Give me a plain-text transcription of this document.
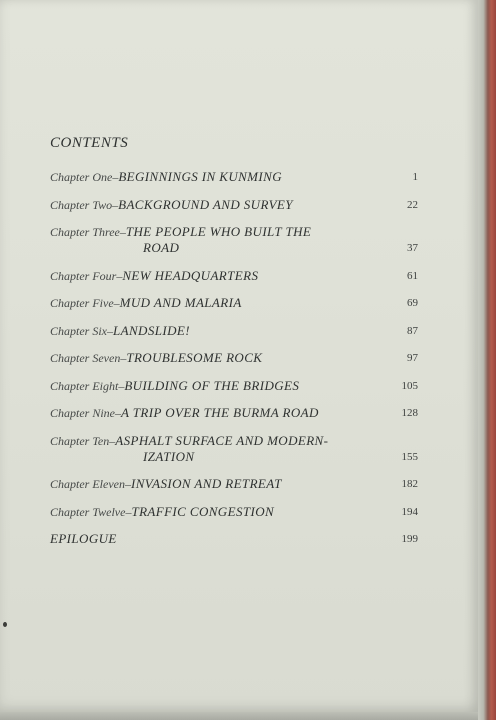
CONTENTS
Chapter One–BEGINNINGS IN KUNMING	1
Chapter Two–BACKGROUND AND SURVEY	22
Chapter Three–THE PEOPLE WHO BUILT THE
ROAD	37
Chapter Four–NEW HEADQUARTERS	61
Chapter Five–MUD AND MALARIA	69
Chapter Six–LANDSLIDE!	87
Chapter Seven–TROUBLESOME ROCK	97
Chapter Eight–BUILDING OF THE BRIDGES	105
Chapter Nine–A TRIP OVER THE BURMA ROAD	128
Chapter Ten–ASPHALT SURFACE AND MODERN-
IZATION	155
Chapter Eleven–INVASION AND RETREAT	182
Chapter Twelve–TRAFFIC CONGESTION	194
EPILOGUE	199
